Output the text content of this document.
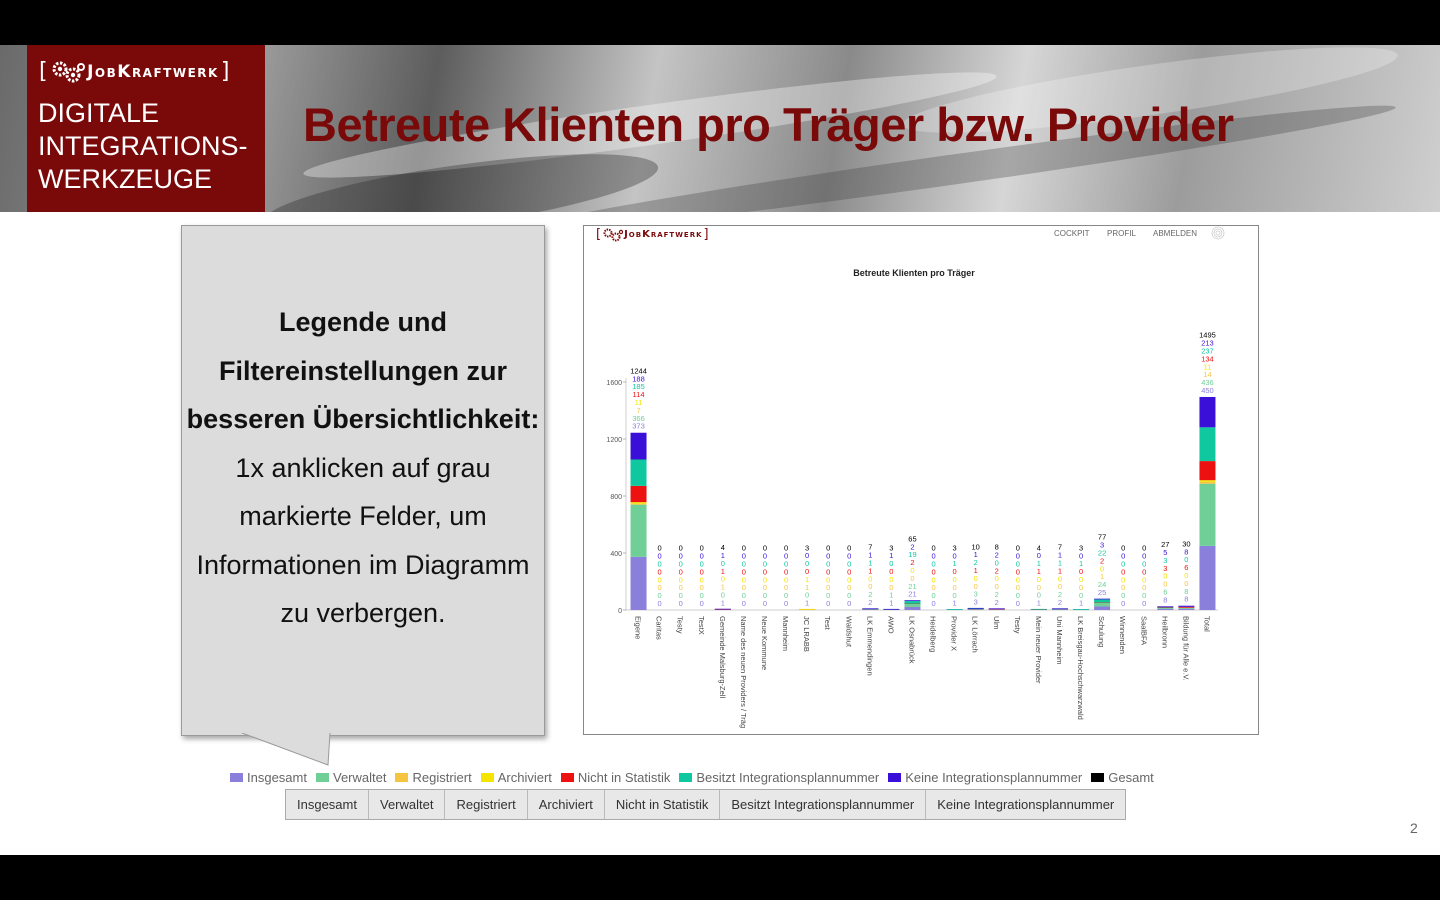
[ JobKraftwerk ]
DIGITALE
INTEGRATIONS-
WERKZEUGE
Betreute Klienten pro Träger bzw. Provider
Legende und
Filtereinstellungen zur
besseren Übersichtlichkeit:
1x anklicken auf grau
markierte Felder, um
Informationen im Diagramm
zu verbergen.
[ JobKraftwerk ]	COCKPIT PROFIL ABMELDEN
Betreute Klienten pro Träger
0
400
800
1200
1600
1244
188
185
114
11
7
366
373
Eigene
0
0
0
0
0
0
0
0
Caritas
0
0
0
0
0
0
0
0
Testy
0
0
0
0
0
0
0
0
TestX
4
1
0
1
0
1
0
1
Gemeinde Malsburg-Zell
0
0
0
0
0
0
0
0
Name des neuen Providers / Träg
0
0
0
0
0
0
0
0
Neue Kommune
0
0
0
0
0
0
0
0
Mannheim
3
0
0
0
1
1
0
1
JC LRABB
0
0
0
0
0
0
0
0
Test
0
0
0
0
0
0
0
0
Waldshut
7
1
1
1
0
0
2
2
LK Emmendingen
3
1
0
0
0
0
1
1
AWO
65
2
19
2
0
0
21
21
LK Osnabrück
0
0
0
0
0
0
0
0
Heidelberg
3
0
1
0
0
0
0
1
Provider X
10
1
2
1
0
0
3
3
LK Lörrach
8
2
0
2
0
0
2
2
Ulm
0
0
0
0
0
0
0
0
Testy
4
0
1
1
0
0
0
1
Mein neuer Provider
7
1
1
1
0
0
2
2
Uni Mannheim
3
0
1
0
0
0
0
1
LK Breisgau-Hochschwarzwald
77
3
22
2
0
1
24
25
Schulung
0
0
0
0
0
0
0
0
Winnenden
0
0
0
0
0
0
0
0
SaalBFA
27
5
3
3
0
0
6
8
Heilbronn
30
8
0
6
0
0
8
8
Bildung für Alle e.V.
1495
213
237
134
11
14
436
450
Total
Insgesamt Verwaltet Registriert Archiviert Nicht in Statistik Besitzt Integrationsplannummer Keine Integrationsplannummer Gesamt
Insgesamt	Verwaltet	Registriert	Archiviert	Nicht in Statistik	Besitzt Integrationsplannummer	Keine Integrationsplannummer
2
